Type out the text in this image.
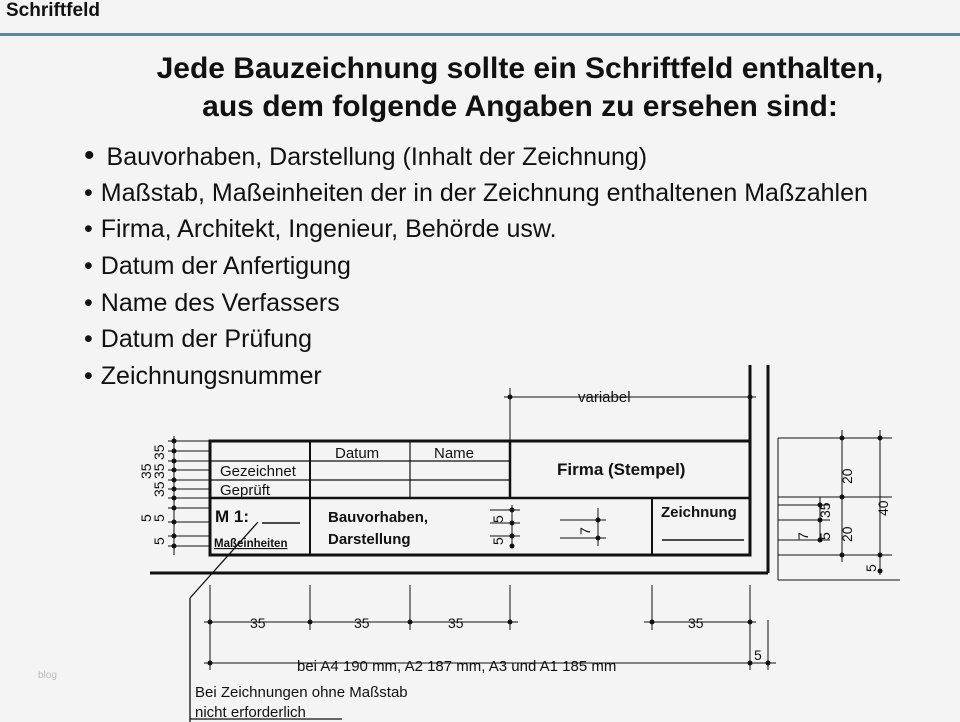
Schriftfeld
Jede Bauzeichnung sollte ein Schriftfeld enthalten,
aus dem folgende Angaben zu ersehen sind:
• Bauvorhaben, Darstellung (Inhalt der Zeichnung)
• Maßstab, Maßeinheiten der in der Zeichnung enthaltenen Maßzahlen
• Firma, Architekt, Ingenieur, Behörde usw.
• Datum der Anfertigung
• Name des Verfassers
• Datum der Prüfung
• Zeichnungsnummer
Datum	Name
Gezeichnet
Geprüft
Firma (Stempel)
M 1:
Maßeinheiten
Bauvorhaben,
Darstellung
Zeichnung
variabel
35
35
35
35
5
5
5	5
5
7
20
20
40
35
7 5
5
35	35	35	35
5
bei A4 190 mm, A2 187 mm, A3 und A1 185 mm
Bei Zeichnungen ohne Maßstab
nicht erforderlich
blog
